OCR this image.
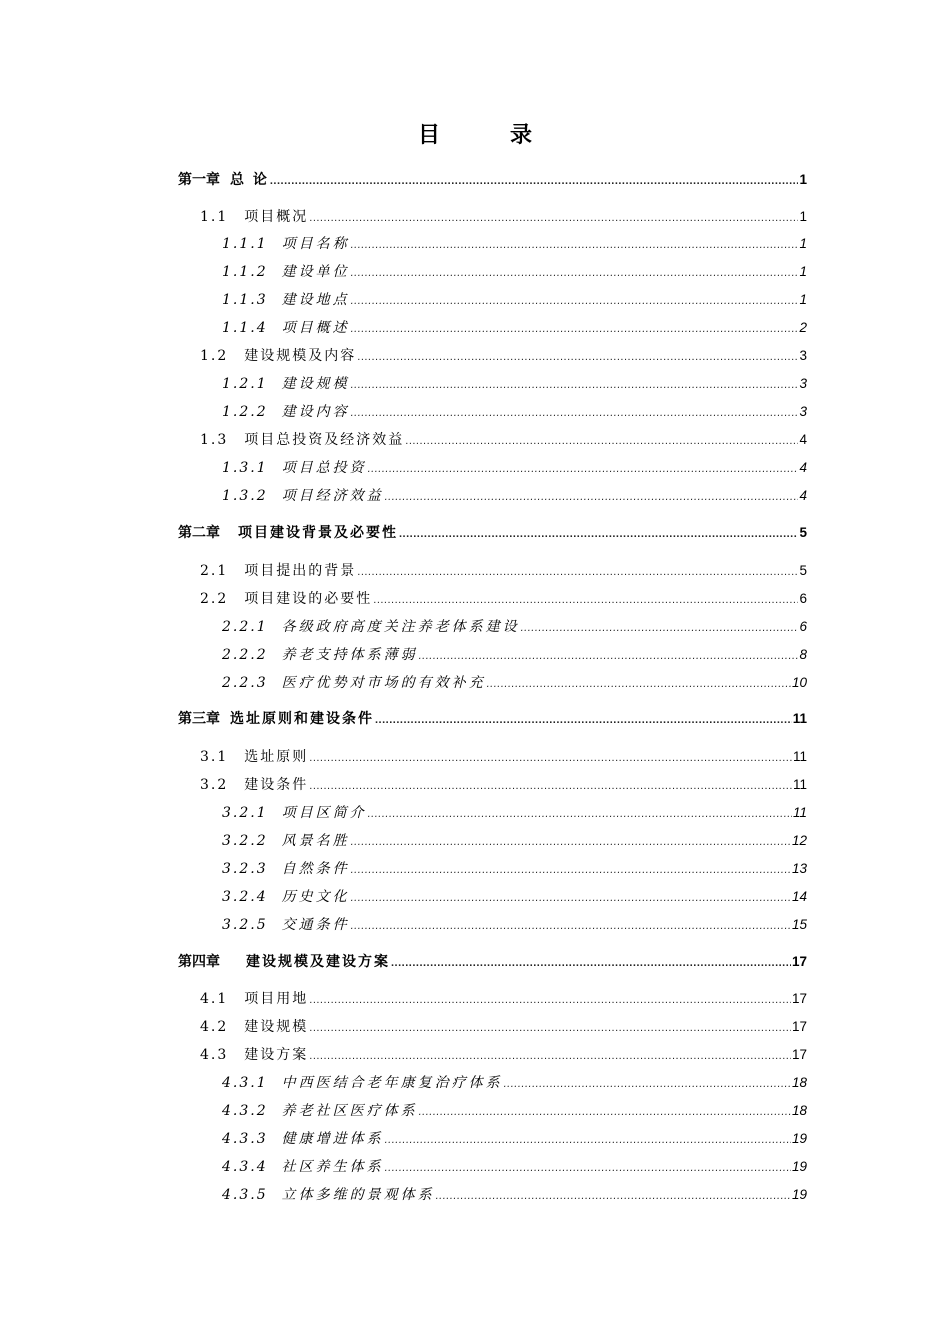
目　录
第一章 总 论 .....	1
1.1 项目概况 .....	1
1.1.1 项目名称 .....	1
1.1.2 建设单位 .....	1
1.1.3 建设地点 .....	1
1.1.4 项目概述 .....	2
1.2 建设规模及内容 .....	3
1.2.1 建设规模 .....	3
1.2.2 建设内容 .....	3
1.3 项目总投资及经济效益 .....	4
1.3.1 项目总投资 .....	4
1.3.2 项目经济效益 .....	4
第二章 项目建设背景及必要性 .....	5
2.1 项目提出的背景 .....	5
2.2 项目建设的必要性 .....	6
2.2.1 各级政府高度关注养老体系建设 .....	6
2.2.2 养老支持体系薄弱 .....	8
2.2.3 医疗优势对市场的有效补充 .....	10
第三章 选址原则和建设条件 .....	11
3.1 选址原则 .....	11
3.2 建设条件 .....	11
3.2.1 项目区简介 .....	11
3.2.2 风景名胜 .....	12
3.2.3 自然条件 .....	13
3.2.4 历史文化 .....	14
3.2.5 交通条件 .....	15
第四章 建设规模及建设方案 .....	17
4.1 项目用地 .....	17
4.2 建设规模 .....	17
4.3 建设方案 .....	17
4.3.1 中西医结合老年康复治疗体系 .....	18
4.3.2 养老社区医疗体系 .....	18
4.3.3 健康增进体系 .....	19
4.3.4 社区养生体系 .....	19
4.3.5 立体多维的景观体系 .....	19
